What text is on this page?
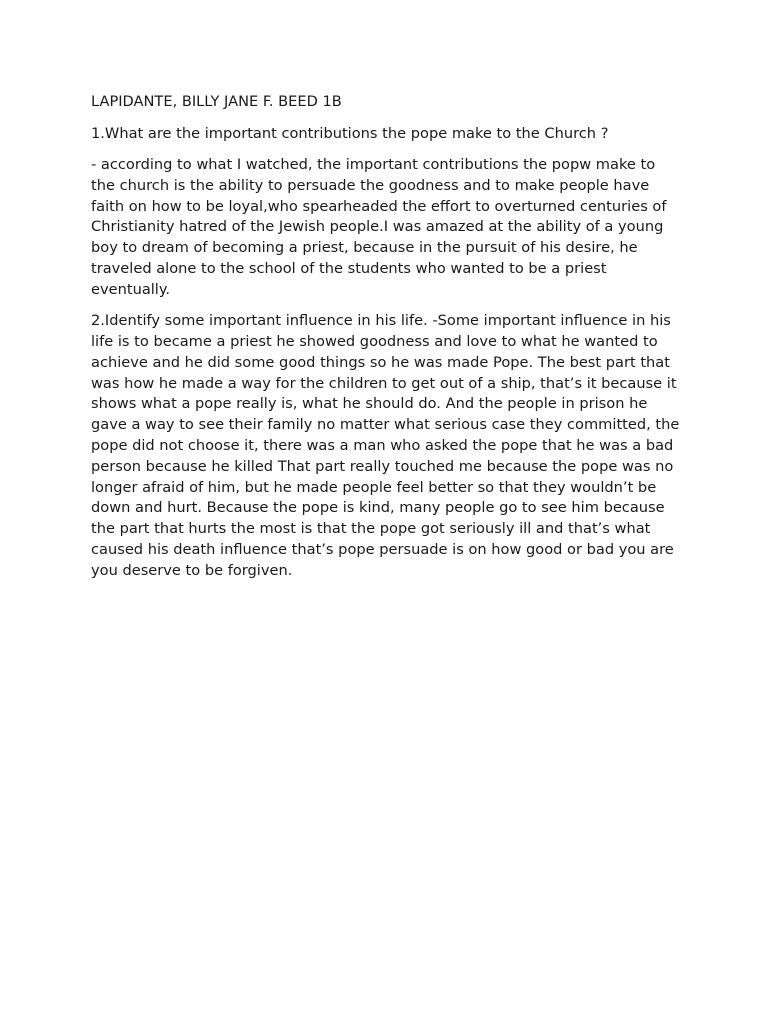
LAPIDANTE, BILLY JANE F. BEED 1B

1.What are the important contributions the pope make to the Church ?

- according to what I watched, the important contributions the popw make to the church is the ability to persuade the goodness and to make people have faith on how to be loyal,who spearheaded the effort to overturned centuries of Christianity hatred of the Jewish people.I was amazed at the ability of a young boy to dream of becoming a priest, because in the pursuit of his desire, he traveled alone to the school of the students who wanted to be a priest eventually.

2.Identify some important influence in his life. -Some important influence in his life is to became a priest he showed goodness and love to what he wanted to achieve and he did some good things so he was made Pope. The best part that  was how he made a way for the children to get out of a ship, that’s it because it shows what a pope really is, what he should do. And the people in prison he gave a way to see their family no matter what serious case they committed, the pope did not choose it, there was a man who asked the pope that he was a bad person because he killed That part really touched me because the pope was no longer afraid of him, but he made people feel better so that they wouldn’t be down and hurt. Because the pope is kind, many people go to see him because the part that hurts the most is that the pope got seriously ill and that’s what caused his death influence that’s pope persuade is on how good or bad you are you deserve to be forgiven.
